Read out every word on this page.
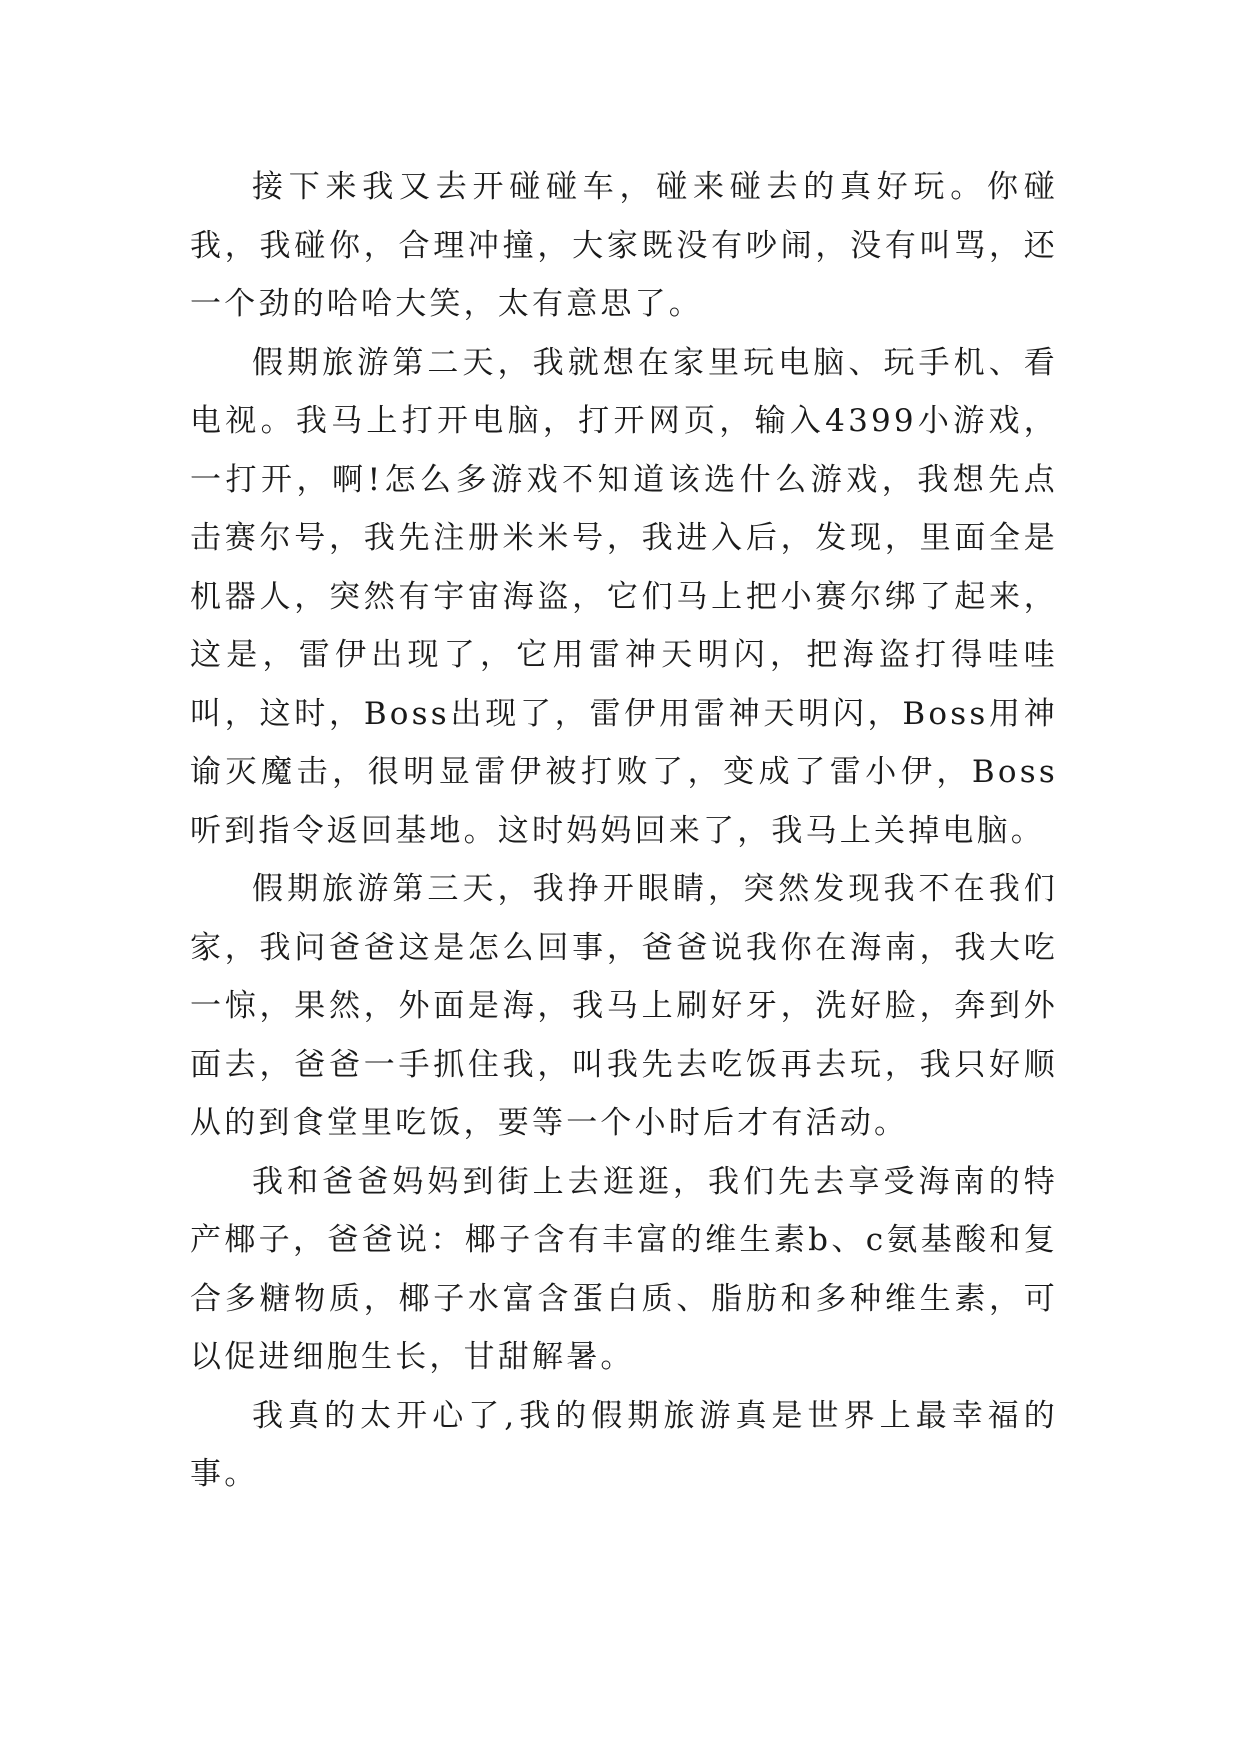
接下来我又去开碰碰车，碰来碰去的真好玩。你碰我，我碰你，合理冲撞，大家既没有吵闹，没有叫骂，还一个劲的哈哈大笑，太有意思了。

假期旅游第二天，我就想在家里玩电脑、玩手机、看电视。我马上打开电脑，打开网页，输入4399小游戏，一打开，啊!怎么多游戏不知道该选什么游戏，我想先点击赛尔号，我先注册米米号，我进入后，发现，里面全是机器人，突然有宇宙海盗，它们马上把小赛尔绑了起来，这是，雷伊出现了，它用雷神天明闪，把海盗打得哇哇叫，这时，Boss出现了，雷伊用雷神天明闪，Boss用神谕灭魔击，很明显雷伊被打败了，变成了雷小伊，Boss听到指令返回基地。这时妈妈回来了，我马上关掉电脑。

假期旅游第三天，我挣开眼睛，突然发现我不在我们家，我问爸爸这是怎么回事，爸爸说我你在海南，我大吃一惊，果然，外面是海，我马上刷好牙，洗好脸，奔到外面去，爸爸一手抓住我，叫我先去吃饭再去玩，我只好顺从的到食堂里吃饭，要等一个小时后才有活动。

我和爸爸妈妈到街上去逛逛，我们先去享受海南的特产椰子，爸爸说：椰子含有丰富的维生素b、c氨基酸和复合多糖物质，椰子水富含蛋白质、脂肪和多种维生素，可以促进细胞生长，甘甜解暑。

我真的太开心了,我的假期旅游真是世界上最幸福的事。
